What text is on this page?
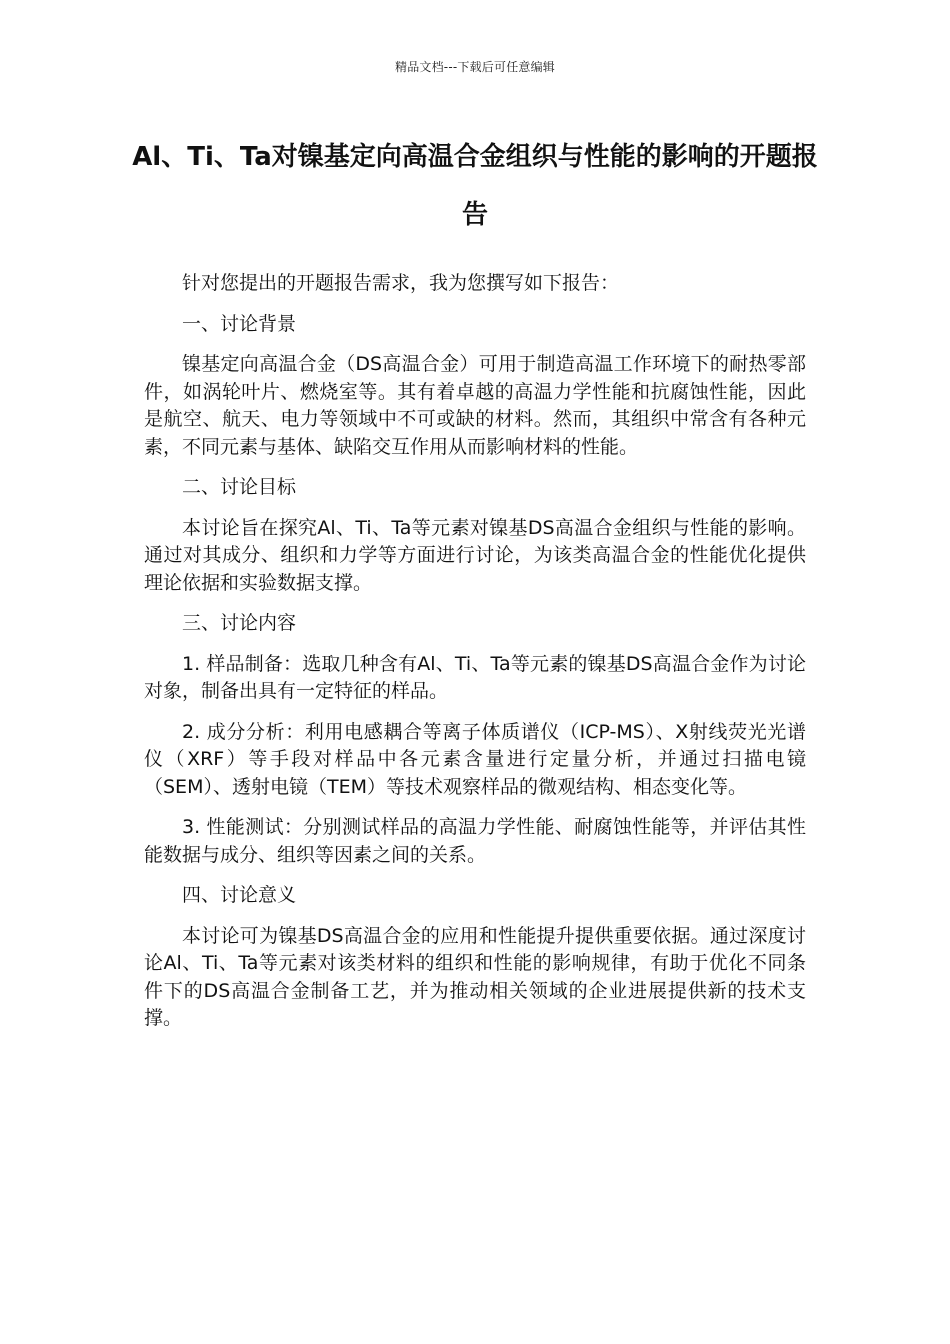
精品文档---下载后可任意编辑
Al、Ti、Ta对镍基定向高温合金组织与性能的影响的开题报告

针对您提出的开题报告需求，我为您撰写如下报告：

一、讨论背景

镍基定向高温合金（DS高温合金）可用于制造高温工作环境下的耐热零部件，如涡轮叶片、燃烧室等。其有着卓越的高温力学性能和抗腐蚀性能，因此是航空、航天、电力等领域中不可或缺的材料。然而，其组织中常含有各种元素，不同元素与基体、缺陷交互作用从而影响材料的性能。

二、讨论目标

本讨论旨在探究Al、Ti、Ta等元素对镍基DS高温合金组织与性能的影响。通过对其成分、组织和力学等方面进行讨论，为该类高温合金的性能优化提供理论依据和实验数据支撑。

三、讨论内容

1. 样品制备：选取几种含有Al、Ti、Ta等元素的镍基DS高温合金作为讨论对象，制备出具有一定特征的样品。

2. 成分分析：利用电感耦合等离子体质谱仪（ICP-MS）、X射线荧光光谱仪（XRF）等手段对样品中各元素含量进行定量分析，并通过扫描电镜（SEM）、透射电镜（TEM）等技术观察样品的微观结构、相态变化等。

3. 性能测试：分别测试样品的高温力学性能、耐腐蚀性能等，并评估其性能数据与成分、组织等因素之间的关系。

四、讨论意义

本讨论可为镍基DS高温合金的应用和性能提升提供重要依据。通过深度讨论Al、Ti、Ta等元素对该类材料的组织和性能的影响规律，有助于优化不同条件下的DS高温合金制备工艺，并为推动相关领域的企业进展提供新的技术支撑。
